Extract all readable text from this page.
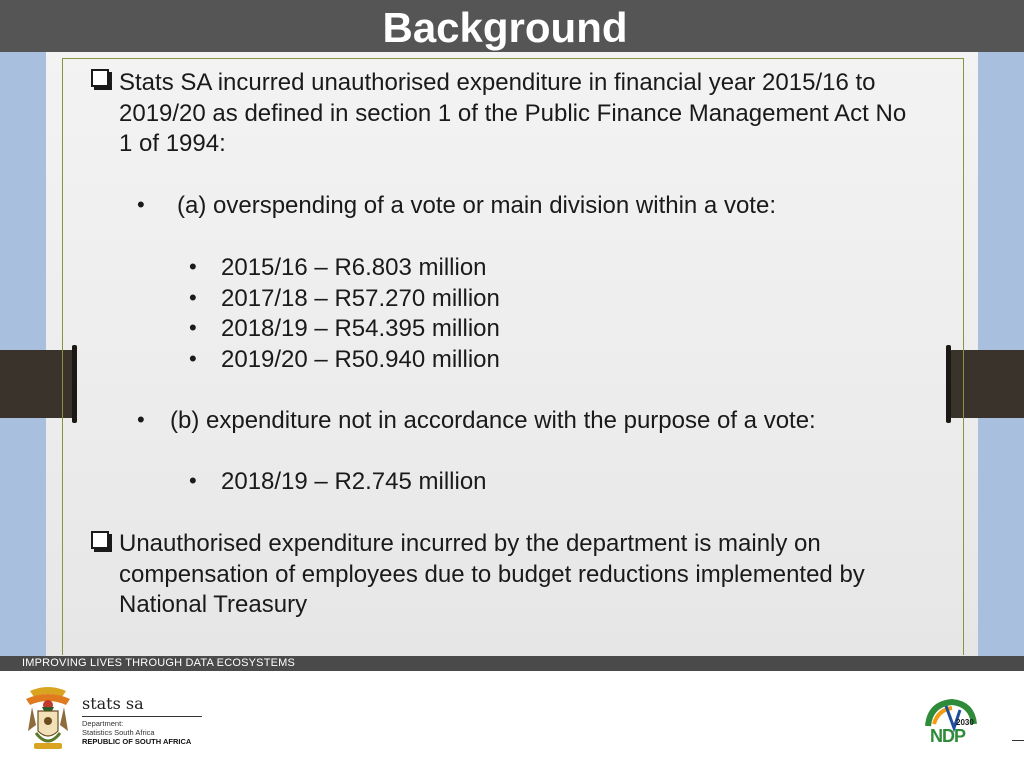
Background
Stats SA incurred unauthorised expenditure in financial year 2015/16 to
2019/20 as defined in section 1 of the Public Finance Management Act No
1 of 1994:
• (a) overspending of a vote or main division within a vote:
• 2015/16 – R6.803 million
• 2017/18 – R57.270 million
• 2018/19 – R54.395 million
• 2019/20 – R50.940 million
• (b) expenditure not in accordance with the purpose of a vote:
• 2018/19 – R2.745 million
Unauthorised expenditure incurred by the department is mainly on
compensation of employees due to budget reductions implemented by
National Treasury
IMPROVING LIVES THROUGH DATA ECOSYSTEMS
stats sa
Department:
Statistics South Africa
REPUBLIC OF SOUTH AFRICA
2030
NDP
